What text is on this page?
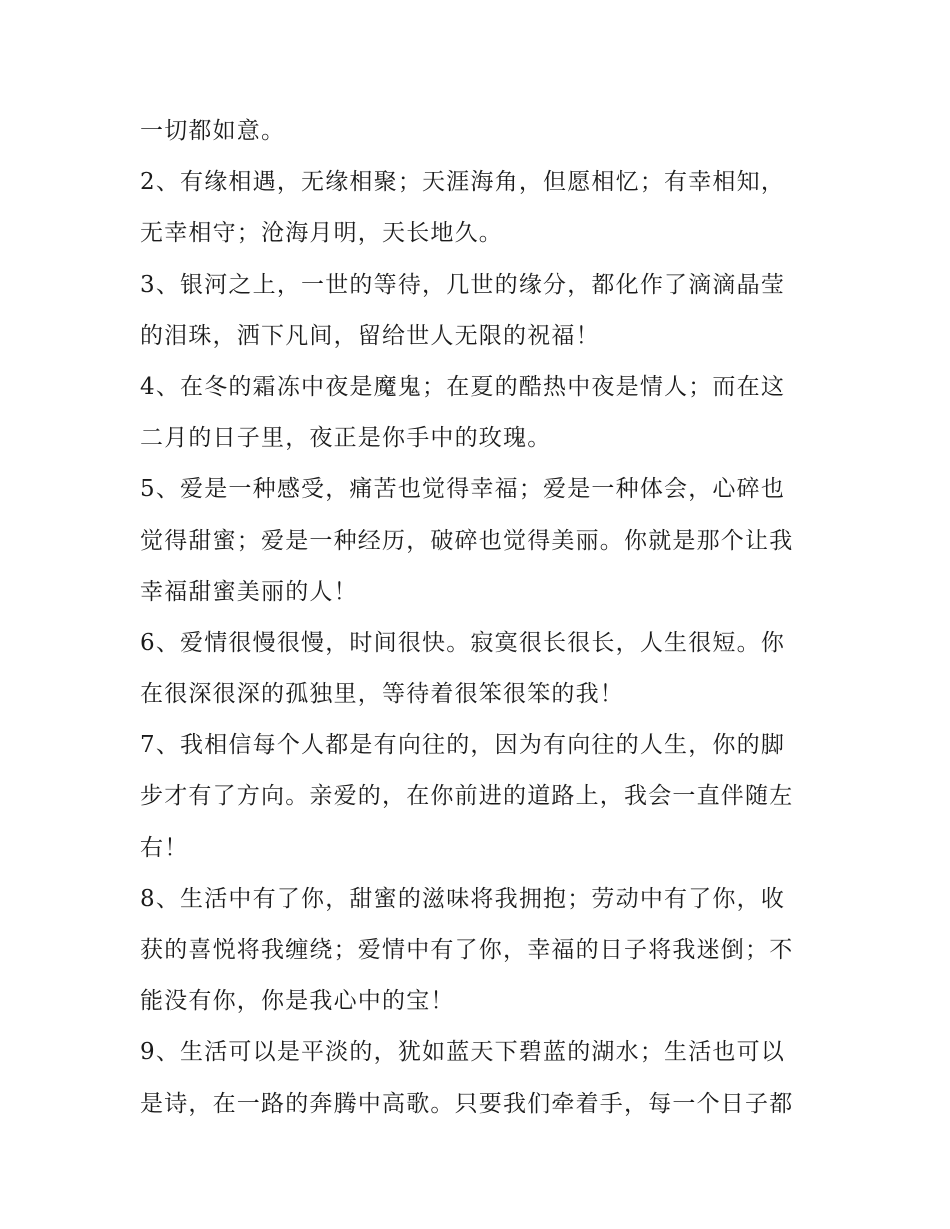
一切都如意。
2、有缘相遇，无缘相聚；天涯海角，但愿相忆；有幸相知，
无幸相守；沧海月明，天长地久。
3、银河之上，一世的等待，几世的缘分，都化作了滴滴晶莹
的泪珠，洒下凡间，留给世人无限的祝福！
4、在冬的霜冻中夜是魔鬼；在夏的酷热中夜是情人；而在这
二月的日子里，夜正是你手中的玫瑰。
5、爱是一种感受，痛苦也觉得幸福；爱是一种体会，心碎也
觉得甜蜜；爱是一种经历，破碎也觉得美丽。你就是那个让我
幸福甜蜜美丽的人！
6、爱情很慢很慢，时间很快。寂寞很长很长，人生很短。你
在很深很深的孤独里，等待着很笨很笨的我！
7、我相信每个人都是有向往的，因为有向往的人生，你的脚
步才有了方向。亲爱的，在你前进的道路上，我会一直伴随左
右！
8、生活中有了你，甜蜜的滋味将我拥抱；劳动中有了你，收
获的喜悦将我缠绕；爱情中有了你，幸福的日子将我迷倒；不
能没有你，你是我心中的宝！
9、生活可以是平淡的，犹如蓝天下碧蓝的湖水；生活也可以
是诗，在一路的奔腾中高歌。只要我们牵着手，每一个日子都
